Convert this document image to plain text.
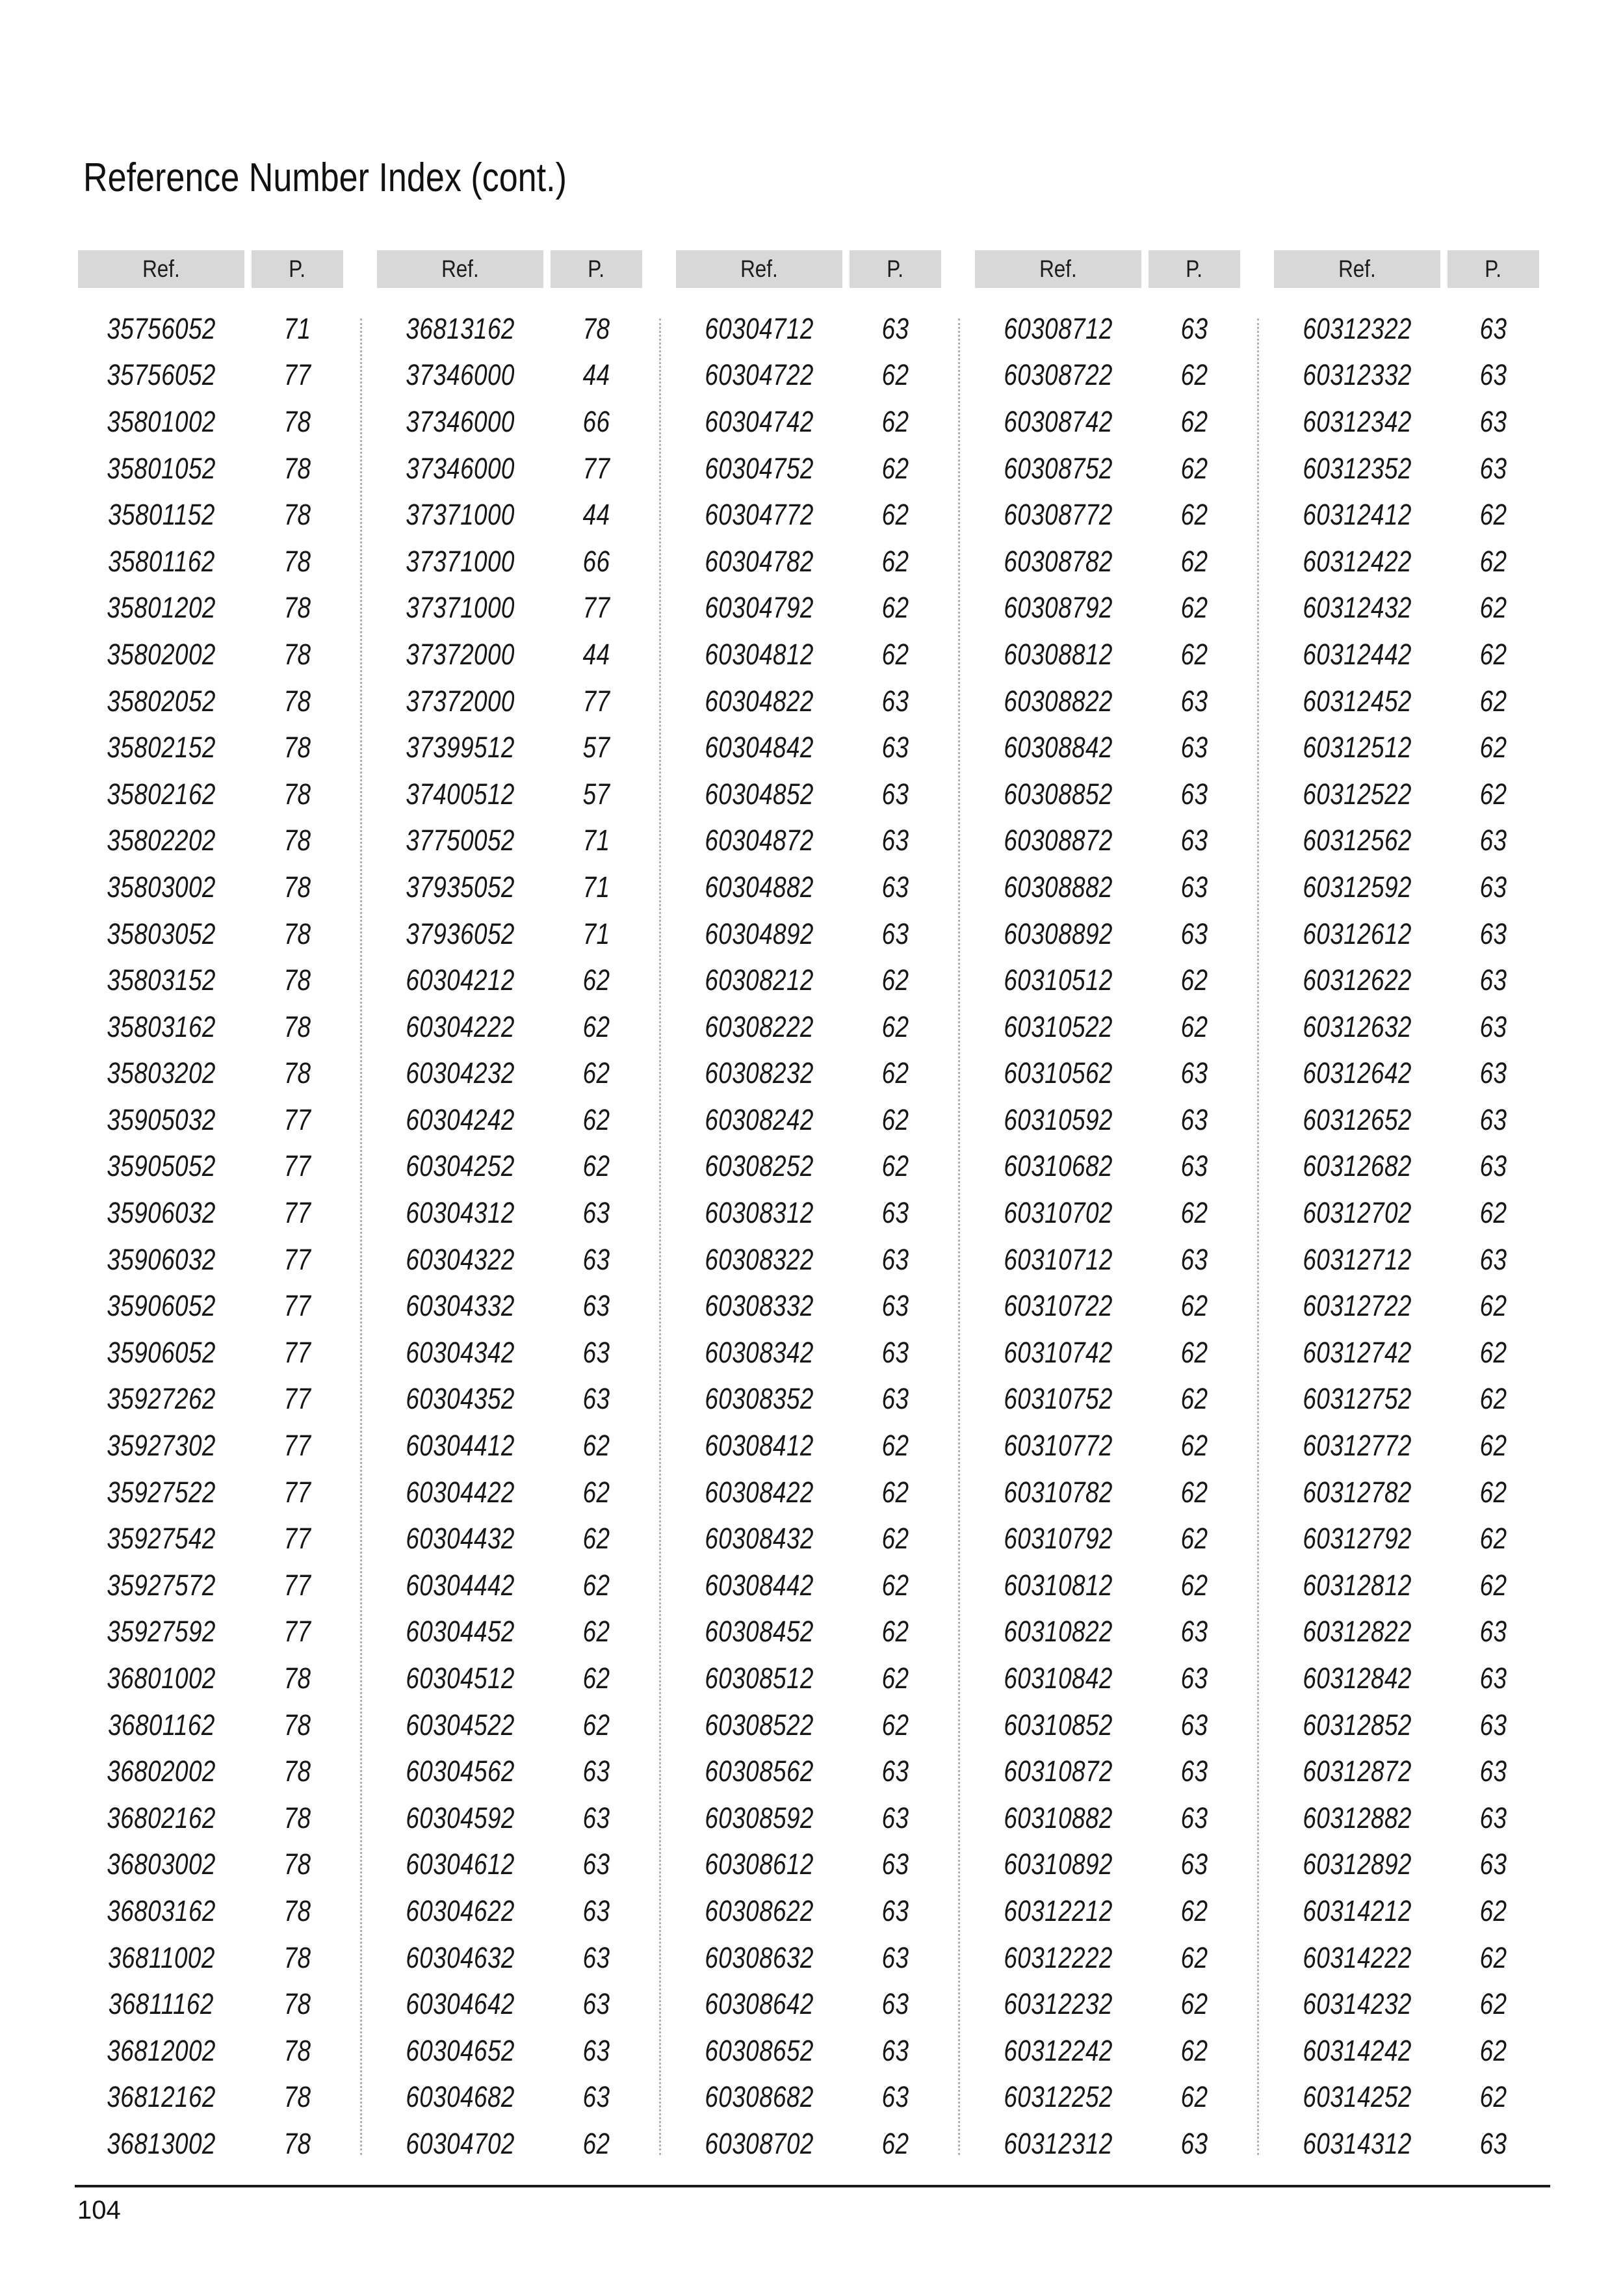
Reference Number Index (cont.)
Ref.	P.
35756052	71
35756052	77
35801002	78
35801052	78
35801152	78
35801162	78
35801202	78
35802002	78
35802052	78
35802152	78
35802162	78
35802202	78
35803002	78
35803052	78
35803152	78
35803162	78
35803202	78
35905032	77
35905052	77
35906032	77
35906032	77
35906052	77
35906052	77
35927262	77
35927302	77
35927522	77
35927542	77
35927572	77
35927592	77
36801002	78
36801162	78
36802002	78
36802162	78
36803002	78
36803162	78
36811002	78
36811162	78
36812002	78
36812162	78
36813002	78
Ref.	P.
36813162	78
37346000	44
37346000	66
37346000	77
37371000	44
37371000	66
37371000	77
37372000	44
37372000	77
37399512	57
37400512	57
37750052	71
37935052	71
37936052	71
60304212	62
60304222	62
60304232	62
60304242	62
60304252	62
60304312	63
60304322	63
60304332	63
60304342	63
60304352	63
60304412	62
60304422	62
60304432	62
60304442	62
60304452	62
60304512	62
60304522	62
60304562	63
60304592	63
60304612	63
60304622	63
60304632	63
60304642	63
60304652	63
60304682	63
60304702	62
Ref.	P.
60304712	63
60304722	62
60304742	62
60304752	62
60304772	62
60304782	62
60304792	62
60304812	62
60304822	63
60304842	63
60304852	63
60304872	63
60304882	63
60304892	63
60308212	62
60308222	62
60308232	62
60308242	62
60308252	62
60308312	63
60308322	63
60308332	63
60308342	63
60308352	63
60308412	62
60308422	62
60308432	62
60308442	62
60308452	62
60308512	62
60308522	62
60308562	63
60308592	63
60308612	63
60308622	63
60308632	63
60308642	63
60308652	63
60308682	63
60308702	62
Ref.	P.
60308712	63
60308722	62
60308742	62
60308752	62
60308772	62
60308782	62
60308792	62
60308812	62
60308822	63
60308842	63
60308852	63
60308872	63
60308882	63
60308892	63
60310512	62
60310522	62
60310562	63
60310592	63
60310682	63
60310702	62
60310712	63
60310722	62
60310742	62
60310752	62
60310772	62
60310782	62
60310792	62
60310812	62
60310822	63
60310842	63
60310852	63
60310872	63
60310882	63
60310892	63
60312212	62
60312222	62
60312232	62
60312242	62
60312252	62
60312312	63
Ref.	P.
60312322	63
60312332	63
60312342	63
60312352	63
60312412	62
60312422	62
60312432	62
60312442	62
60312452	62
60312512	62
60312522	62
60312562	63
60312592	63
60312612	63
60312622	63
60312632	63
60312642	63
60312652	63
60312682	63
60312702	62
60312712	63
60312722	62
60312742	62
60312752	62
60312772	62
60312782	62
60312792	62
60312812	62
60312822	63
60312842	63
60312852	63
60312872	63
60312882	63
60312892	63
60314212	62
60314222	62
60314232	62
60314242	62
60314252	62
60314312	63
104
